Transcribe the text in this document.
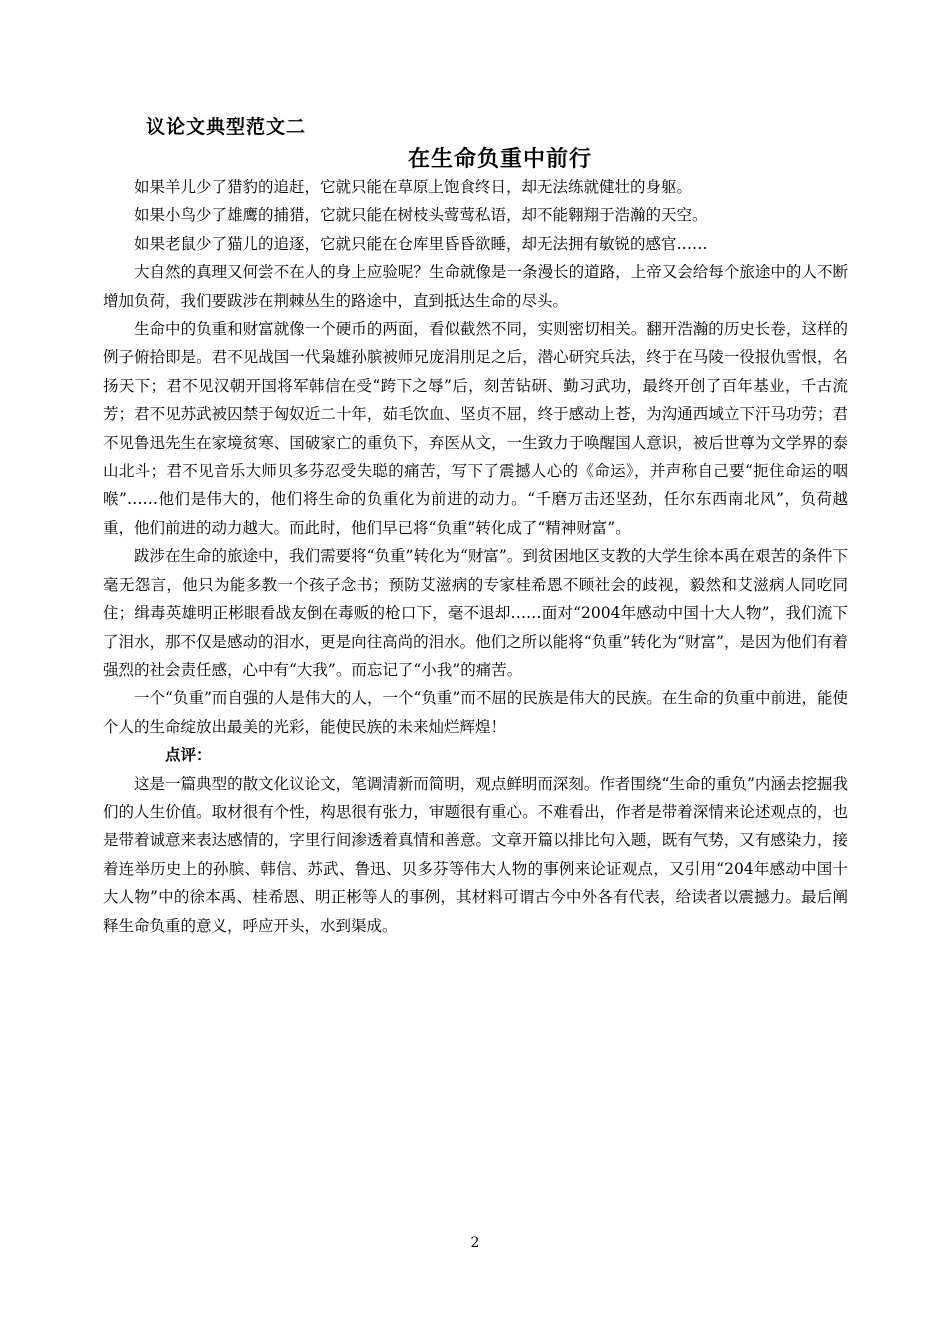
议论文典型范文二
在生命负重中前行

如果羊儿少了猎豹的追赶，它就只能在草原上饱食终日，却无法练就健壮的身躯。

如果小鸟少了雄鹰的捕猎，它就只能在树枝头莺莺私语，却不能翱翔于浩瀚的天空。

如果老鼠少了猫儿的追逐，它就只能在仓库里昏昏欲睡，却无法拥有敏锐的感官……

大自然的真理又何尝不在人的身上应验呢？生命就像是一条漫长的道路，上帝又会给每个旅途中的人不断增加负荷，我们要跋涉在荆棘丛生的路途中，直到抵达生命的尽头。

生命中的负重和财富就像一个硬币的两面，看似截然不同，实则密切相关。翻开浩瀚的历史长卷，这样的例子俯拾即是。君不见战国一代枭雄孙膑被师兄庞涓刖足之后，潜心研究兵法，终于在马陵一役报仇雪恨，名扬天下；君不见汉朝开国将军韩信在受“跨下之辱”后，刻苦钻研、勤习武功，最终开创了百年基业，千古流芳；君不见苏武被囚禁于匈奴近二十年，茹毛饮血、坚贞不屈，终于感动上苍，为沟通西域立下汗马功劳；君不见鲁迅先生在家境贫寒、国破家亡的重负下，弃医从文，一生致力于唤醒国人意识，被后世尊为文学界的泰山北斗；君不见音乐大师贝多芬忍受失聪的痛苦，写下了震撼人心的《命运》，并声称自己要“扼住命运的咽喉”……他们是伟大的，他们将生命的负重化为前进的动力。“千磨万击还坚劲，任尔东西南北风”，负荷越重，他们前进的动力越大。而此时，他们早已将“负重”转化成了“精神财富”。

跋涉在生命的旅途中，我们需要将“负重”转化为“财富”。到贫困地区支教的大学生徐本禹在艰苦的条件下毫无怨言，他只为能多教一个孩子念书；预防艾滋病的专家桂希恩不顾社会的歧视，毅然和艾滋病人同吃同住；缉毒英雄明正彬眼看战友倒在毒贩的枪口下，毫不退却……面对“2004年感动中国十大人物”，我们流下了泪水，那不仅是感动的泪水，更是向往高尚的泪水。他们之所以能将“负重”转化为“财富”，是因为他们有着强烈的社会责任感，心中有“大我”。而忘记了“小我”的痛苦。

一个“负重”而自强的人是伟大的人，一个“负重”而不屈的民族是伟大的民族。在生命的负重中前进，能使个人的生命绽放出最美的光彩，能使民族的未来灿烂辉煌！

点评：

这是一篇典型的散文化议论文，笔调清新而简明，观点鲜明而深刻。作者围绕“生命的重负”内涵去挖掘我们的人生价值。取材很有个性，构思很有张力，审题很有重心。不难看出，作者是带着深情来论述观点的，也是带着诚意来表达感情的，字里行间渗透着真情和善意。文章开篇以排比句入题，既有气势，又有感染力，接着连举历史上的孙膑、韩信、苏武、鲁迅、贝多芬等伟大人物的事例来论证观点，又引用“204年感动中国十大人物”中的徐本禹、桂希恩、明正彬等人的事例，其材料可谓古今中外各有代表，给读者以震撼力。最后阐释生命负重的意义，呼应开头，水到渠成。

2
